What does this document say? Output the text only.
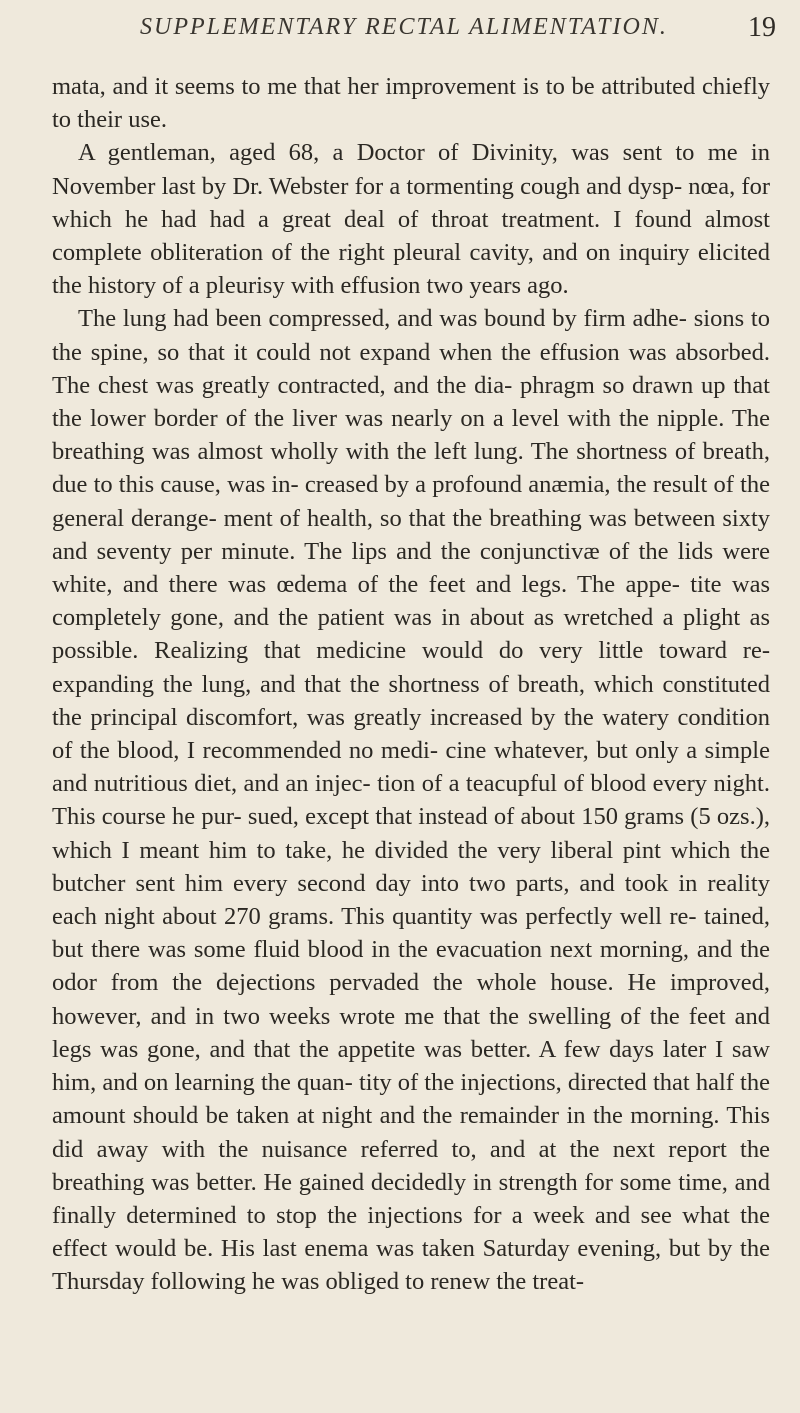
SUPPLEMENTARY RECTAL ALIMENTATION.	19

mata, and it seems to me that her improvement is to be attributed chiefly to their use.

A gentleman, aged 68, a Doctor of Divinity, was sent to me in November last by Dr. Webster for a tormenting cough and dysp- nœa, for which he had had a great deal of throat treatment. I found almost complete obliteration of the right pleural cavity, and on inquiry elicited the history of a pleurisy with effusion two years ago.

The lung had been compressed, and was bound by firm adhe- sions to the spine, so that it could not expand when the effusion was absorbed. The chest was greatly contracted, and the dia- phragm so drawn up that the lower border of the liver was nearly on a level with the nipple. The breathing was almost wholly with the left lung. The shortness of breath, due to this cause, was in- creased by a profound anæmia, the result of the general derange- ment of health, so that the breathing was between sixty and seventy per minute. The lips and the conjunctivæ of the lids were white, and there was œdema of the feet and legs. The appe- tite was completely gone, and the patient was in about as wretched a plight as possible. Realizing that medicine would do very little toward re-expanding the lung, and that the shortness of breath, which constituted the principal discomfort, was greatly increased by the watery condition of the blood, I recommended no medi- cine whatever, but only a simple and nutritious diet, and an injec- tion of a teacupful of blood every night. This course he pur- sued, except that instead of about 150 grams (5 ozs.), which I meant him to take, he divided the very liberal pint which the butcher sent him every second day into two parts, and took in reality each night about 270 grams. This quantity was perfectly well re- tained, but there was some fluid blood in the evacuation next morning, and the odor from the dejections pervaded the whole house. He improved, however, and in two weeks wrote me that the swelling of the feet and legs was gone, and that the appetite was better. A few days later I saw him, and on learning the quan- tity of the injections, directed that half the amount should be taken at night and the remainder in the morning. This did away with the nuisance referred to, and at the next report the breathing was better. He gained decidedly in strength for some time, and finally determined to stop the injections for a week and see what the effect would be. His last enema was taken Saturday evening, but by the Thursday following he was obliged to renew the treat-
